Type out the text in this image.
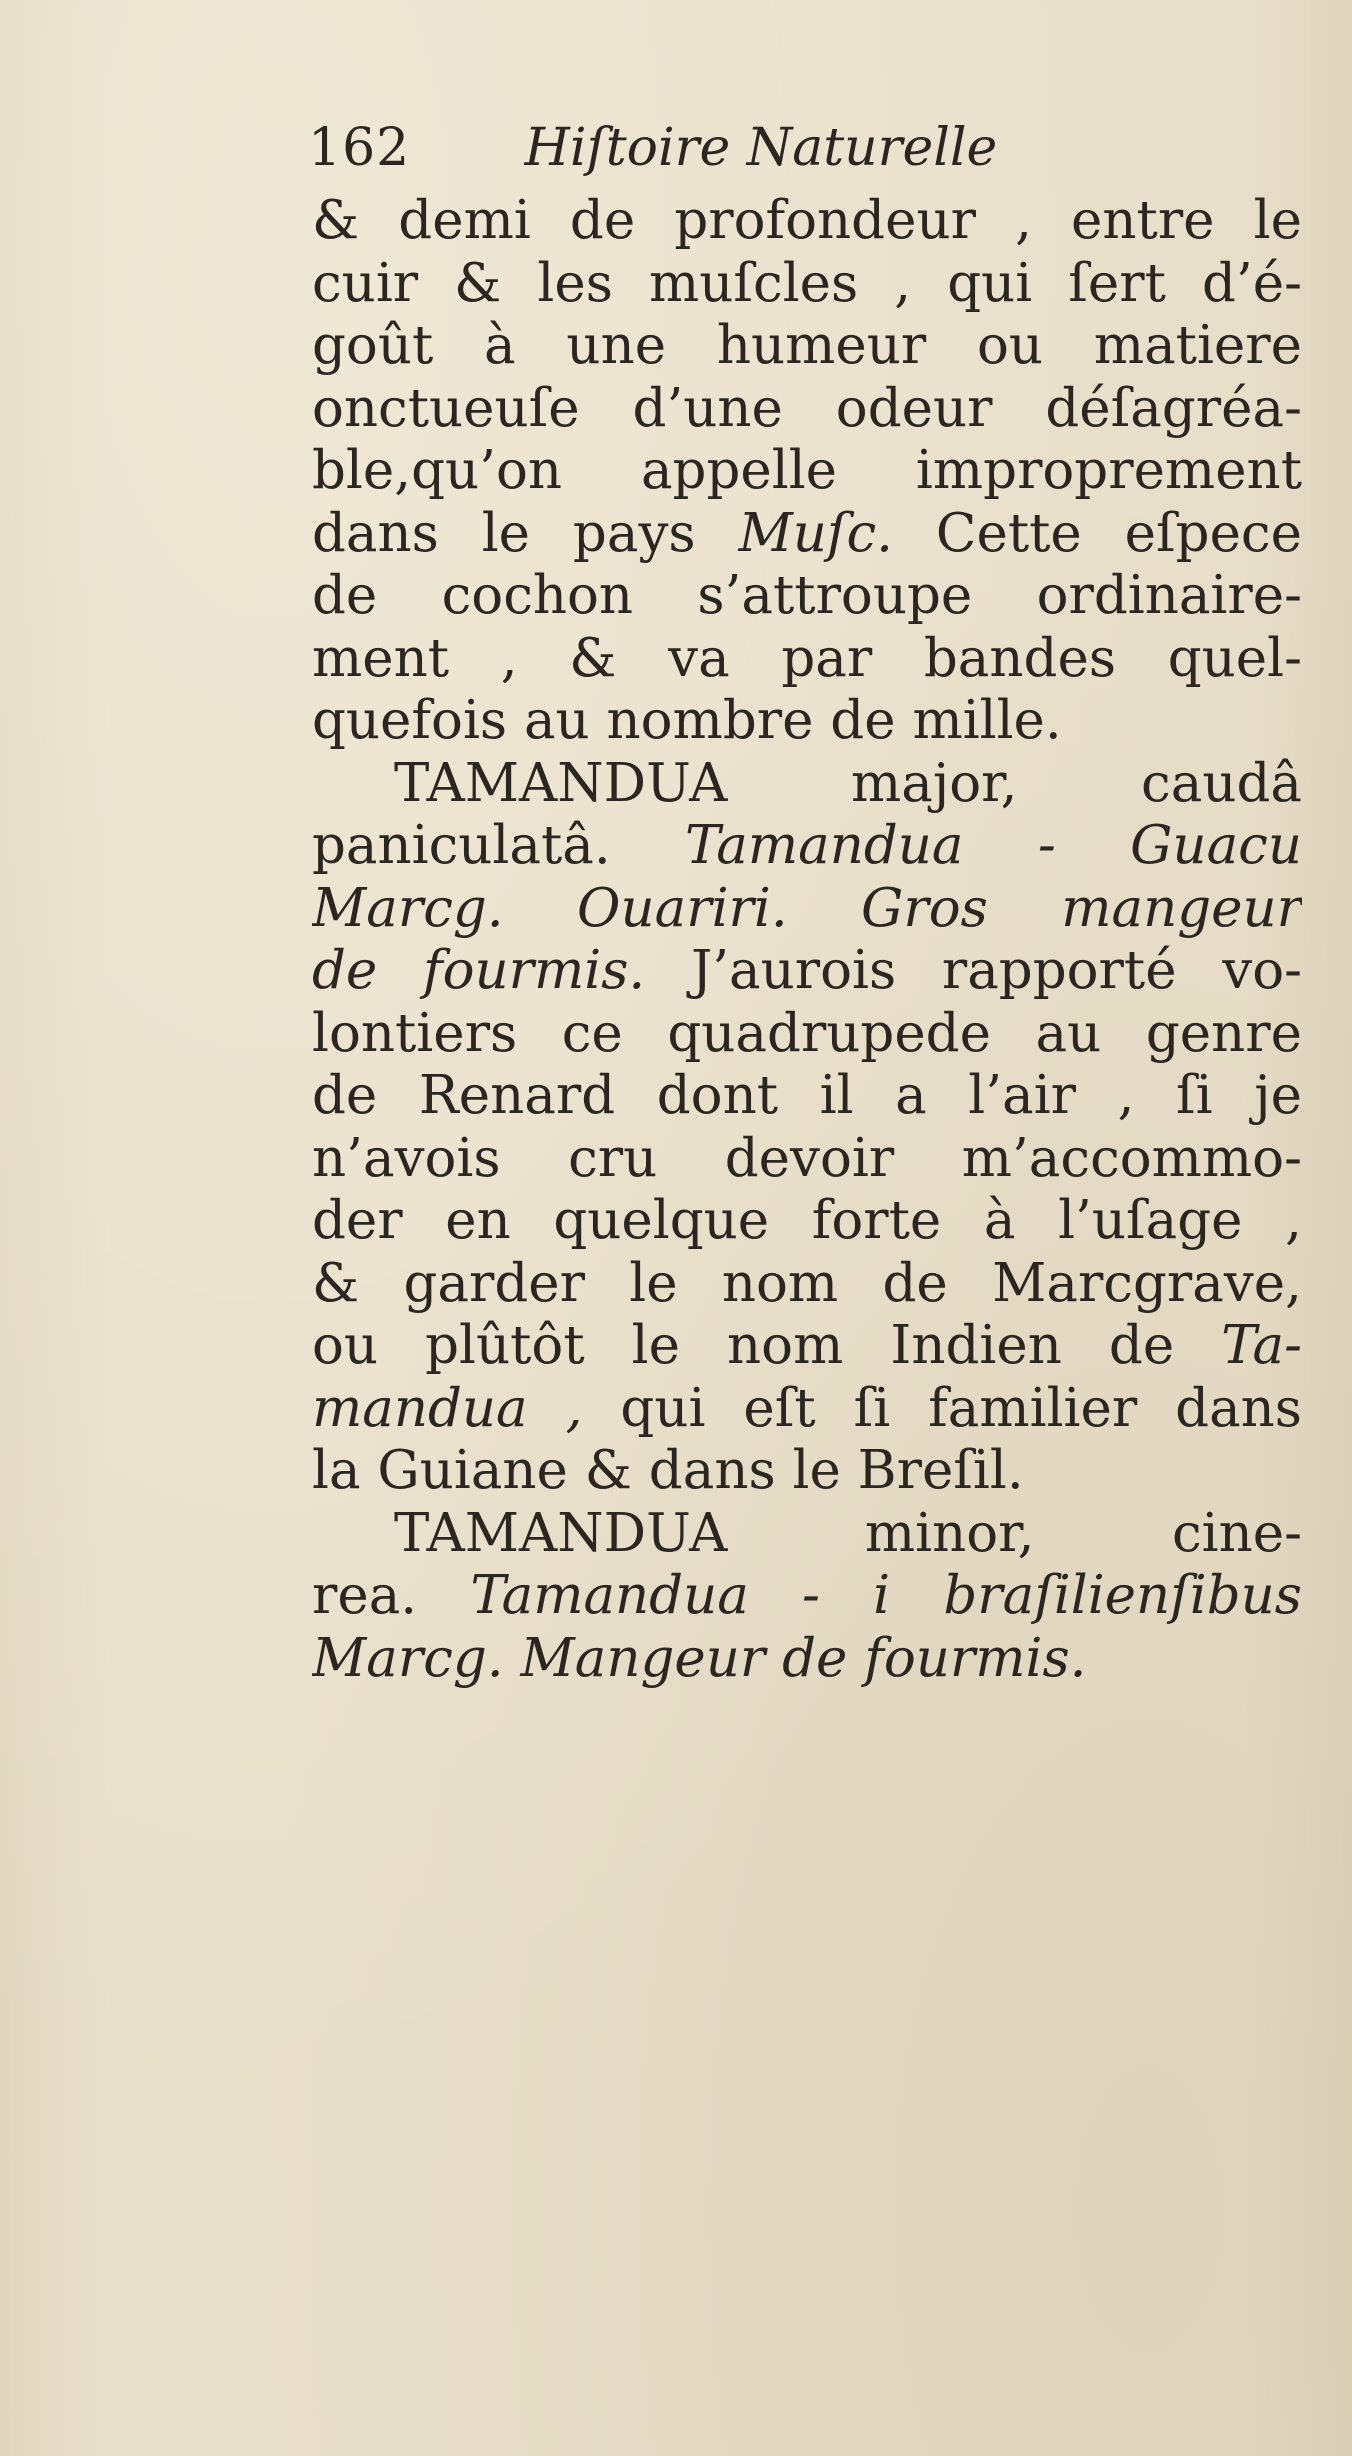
162 Hiſtoire Naturelle
& demi de profondeur , entre le
cuir & les muſcles , qui ſert d’é-
goût à une humeur ou matiere
onctueuſe d’une odeur déſagréa-
ble,qu’on appelle improprement
dans le pays Muſc. Cette eſpece
de cochon s’attroupe ordinaire-
ment , & va par bandes quel-
quefois au nombre de mille.
TAMANDUA major, caudâ
paniculatâ. Tamandua - Guacu
Marcg. Ouariri. Gros mangeur
de fourmis. J’aurois rapporté vo-
lontiers ce quadrupede au genre
de Renard dont il a l’air , ſi je
n’avois cru devoir m’accommo-
der en quelque forte à l’uſage ,
& garder le nom de Marcgrave,
ou plûtôt le nom Indien de Ta-
mandua , qui eſt ſi familier dans
la Guiane & dans le Breſil.
TAMANDUA minor, cine-
rea. Tamandua - i braſilienſibus
Marcg. Mangeur de fourmis.
